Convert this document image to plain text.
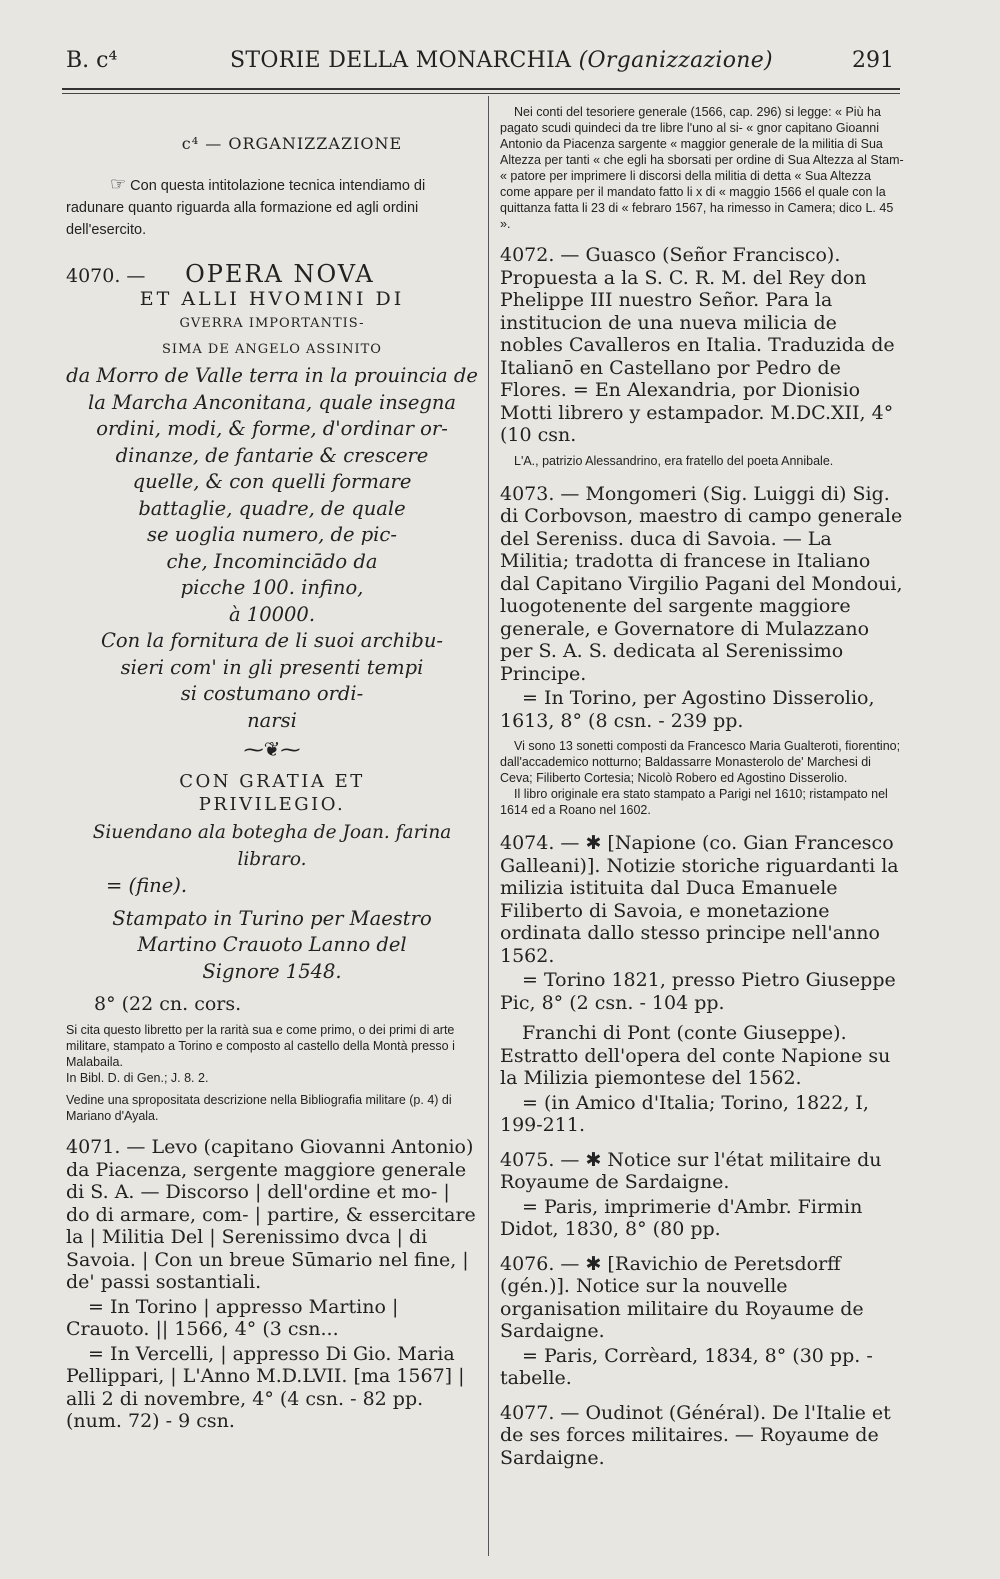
B. c⁴	STORIE DELLA MONARCHIA (Organizzazione)	291
c⁴ — ORGANIZZAZIONE

☞ Con questa intitolazione tecnica intendiamo di radunare quanto riguarda alla formazione ed agli ordini dell'esercito.

4070. — OPERA NOVA
ET ALLI HVOMINI DI
GVERRA IMPORTANTIS-
SIMA DE ANGELO ASSINITO
da Morro de Valle terra in la prouincia de
la Marcha Anconitana, quale insegna
ordini, modi, & forme, d'ordinar or-
dinanze, de fantarie & crescere
quelle, & con quelli formare
battaglie, quadre, de quale
se uoglia numero, de pic-
che, Incominciādo da
picche 100. infino,
à 10000.
Con la fornitura de li suoi archibu-
sieri com' in gli presenti tempi
si costumano ordi-
narsi
⁓❦⁓
CON GRATIA ET
PRIVILEGIO.
Siuendano ala botegha de Joan. farina libraro.
= (fine).
Stampato in Turino per Maestro
Martino Crauoto Lanno del
Signore 1548.
8° (22 cn. cors.

Si cita questo libretto per la rarità sua e come primo, o dei primi di arte militare, stampato a Torino e composto al castello della Montà presso i Malabaila.

In Bibl. D. di Gen.; J. 8. 2.

Vedine una spropositata descrizione nella Bibliografia militare (p. 4) di Mariano d'Ayala.

4071. — Levo (capitano Giovanni Antonio) da Piacenza, sergente maggiore generale di S. A. — Discorso | dell'ordine et mo- | do di armare, com- | partire, & essercitare la | Militia Del | Serenissimo dvca | di Savoia. | Con un breue Sūmario nel fine, | de' passi sostantiali.

= In Torino | appresso Martino | Crauoto. || 1566, 4° (3 csn...

= In Vercelli, | appresso Di Gio. Maria Pellippari, | L'Anno M.D.LVII. [ma 1567] | alli 2 di novembre, 4° (4 csn. - 82 pp. (num. 72) - 9 csn.

Nei conti del tesoriere generale (1566, cap. 296) si legge: « Più ha pagato scudi quindeci da tre libre l'uno al si- « gnor capitano Gioanni Antonio da Piacenza sargente « maggior generale de la militia di Sua Altezza per tanti « che egli ha sborsati per ordine di Sua Altezza al Stam- « patore per imprimere li discorsi della militia di detta « Sua Altezza come appare per il mandato fatto li x di « maggio 1566 el quale con la quittanza fatta li 23 di « febraro 1567, ha rimesso in Camera; dico L. 45 ».

4072. — Guasco (Señor Francisco). Propuesta a la S. C. R. M. del Rey don Phelippe III nuestro Señor. Para la institucion de una nueva milicia de nobles Cavalleros en Italia. Traduzida de Italianō en Castellano por Pedro de Flores. = En Alexandria, por Dionisio Motti librero y estampador. M.DC.XII, 4° (10 csn.

L'A., patrizio Alessandrino, era fratello del poeta Annibale.

4073. — Mongomeri (Sig. Luiggi di) Sig. di Corbovson, maestro di campo generale del Sereniss. duca di Savoia. — La Militia; tradotta di francese in Italiano dal Capitano Virgilio Pagani del Mondoui, luogotenente del sargente maggiore generale, e Governatore di Mulazzano per S. A. S. dedicata al Serenissimo Principe.

= In Torino, per Agostino Disserolio, 1613, 8° (8 csn. - 239 pp.

Vi sono 13 sonetti composti da Francesco Maria Gualteroti, fiorentino; dall'accademico notturno; Baldassarre Monasterolo de' Marchesi di Ceva; Filiberto Cortesia; Nicolò Robero ed Agostino Disserolio.

Il libro originale era stato stampato a Parigi nel 1610; ristampato nel 1614 ed a Roano nel 1602.

4074. — ✱ [Napione (co. Gian Francesco Galleani)]. Notizie storiche riguardanti la milizia istituita dal Duca Emanuele Filiberto di Savoia, e monetazione ordinata dallo stesso principe nell'anno 1562.

= Torino 1821, presso Pietro Giuseppe Pic, 8° (2 csn. - 104 pp.

Franchi di Pont (conte Giuseppe). Estratto dell'opera del conte Napione su la Milizia piemontese del 1562.

= (in Amico d'Italia; Torino, 1822, I, 199-211.

4075. — ✱ Notice sur l'état militaire du Royaume de Sardaigne.

= Paris, imprimerie d'Ambr. Firmin Didot, 1830, 8° (80 pp.

4076. — ✱ [Ravichio de Peretsdorff (gén.)]. Notice sur la nouvelle organisation militaire du Royaume de Sardaigne.

= Paris, Corrèard, 1834, 8° (30 pp. - tabelle.

4077. — Oudinot (Général). De l'Italie et de ses forces militaires. — Royaume de Sardaigne.
